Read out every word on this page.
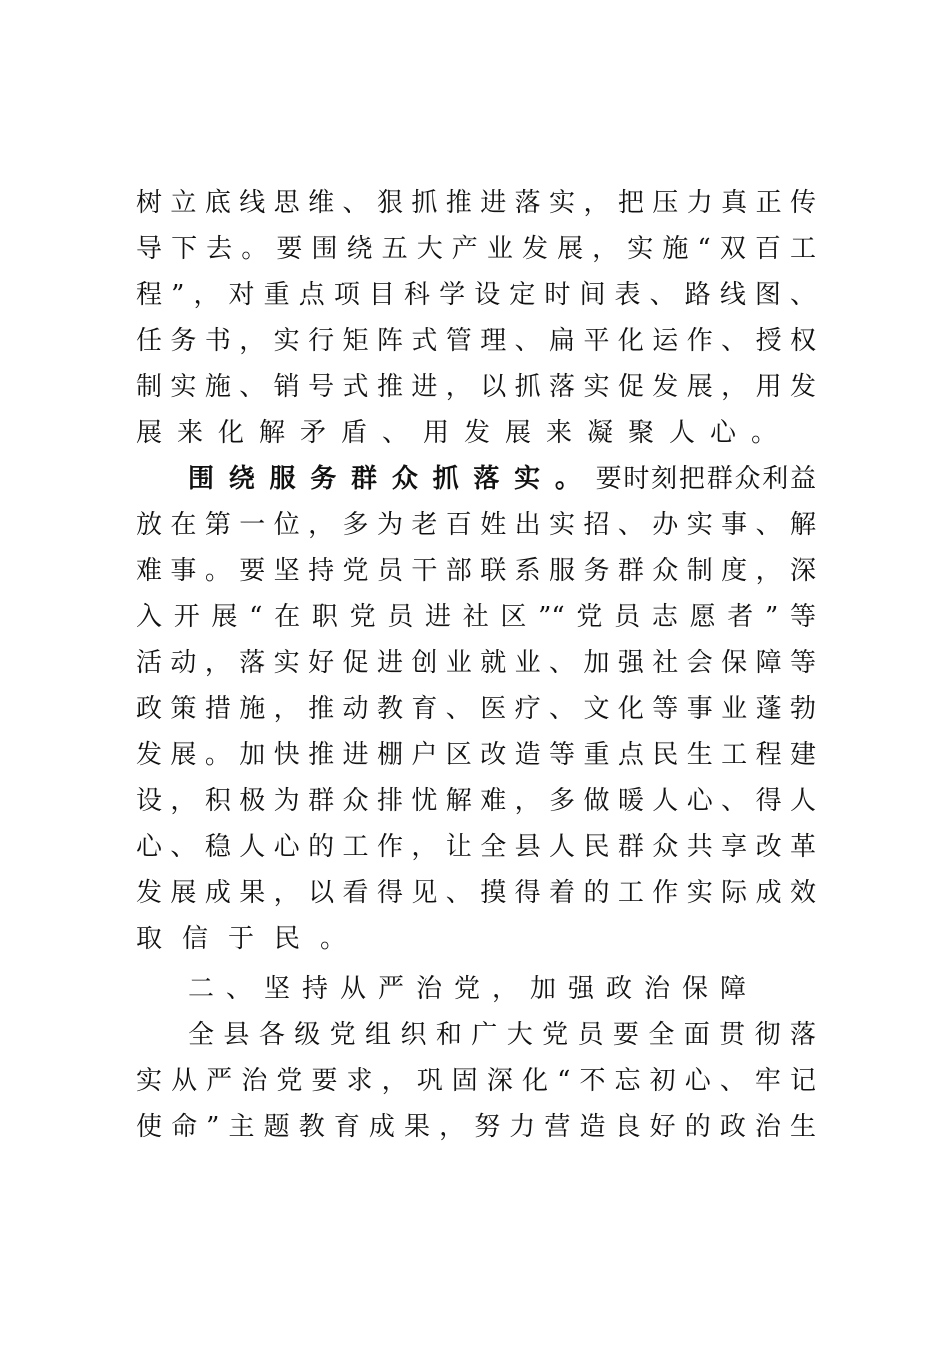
树立底线思维、狠抓推进落实，把压力真正传
导下去。要围绕五大产业发展，实施“双百工
程”，对重点项目科学设定时间表、路线图、
任务书，实行矩阵式管理、扁平化运作、授权
制实施、销号式推进，以抓落实促发展，用发
展来化解矛盾、用发展来凝聚人心。
围绕服务群众抓落实。要时刻把群众利益
放在第一位，多为老百姓出实招、办实事、解
难事。要坚持党员干部联系服务群众制度，深
入开展“在职党员进社区”“党员志愿者”等
活动，落实好促进创业就业、加强社会保障等
政策措施，推动教育、医疗、文化等事业蓬勃
发展。加快推进棚户区改造等重点民生工程建
设，积极为群众排忧解难，多做暖人心、得人
心、稳人心的工作，让全县人民群众共享改革
发展成果，以看得见、摸得着的工作实际成效
取信于民。
二、坚持从严治党，加强政治保障
全县各级党组织和广大党员要全面贯彻落
实从严治党要求，巩固深化“不忘初心、牢记
使命”主题教育成果，努力营造良好的政治生
